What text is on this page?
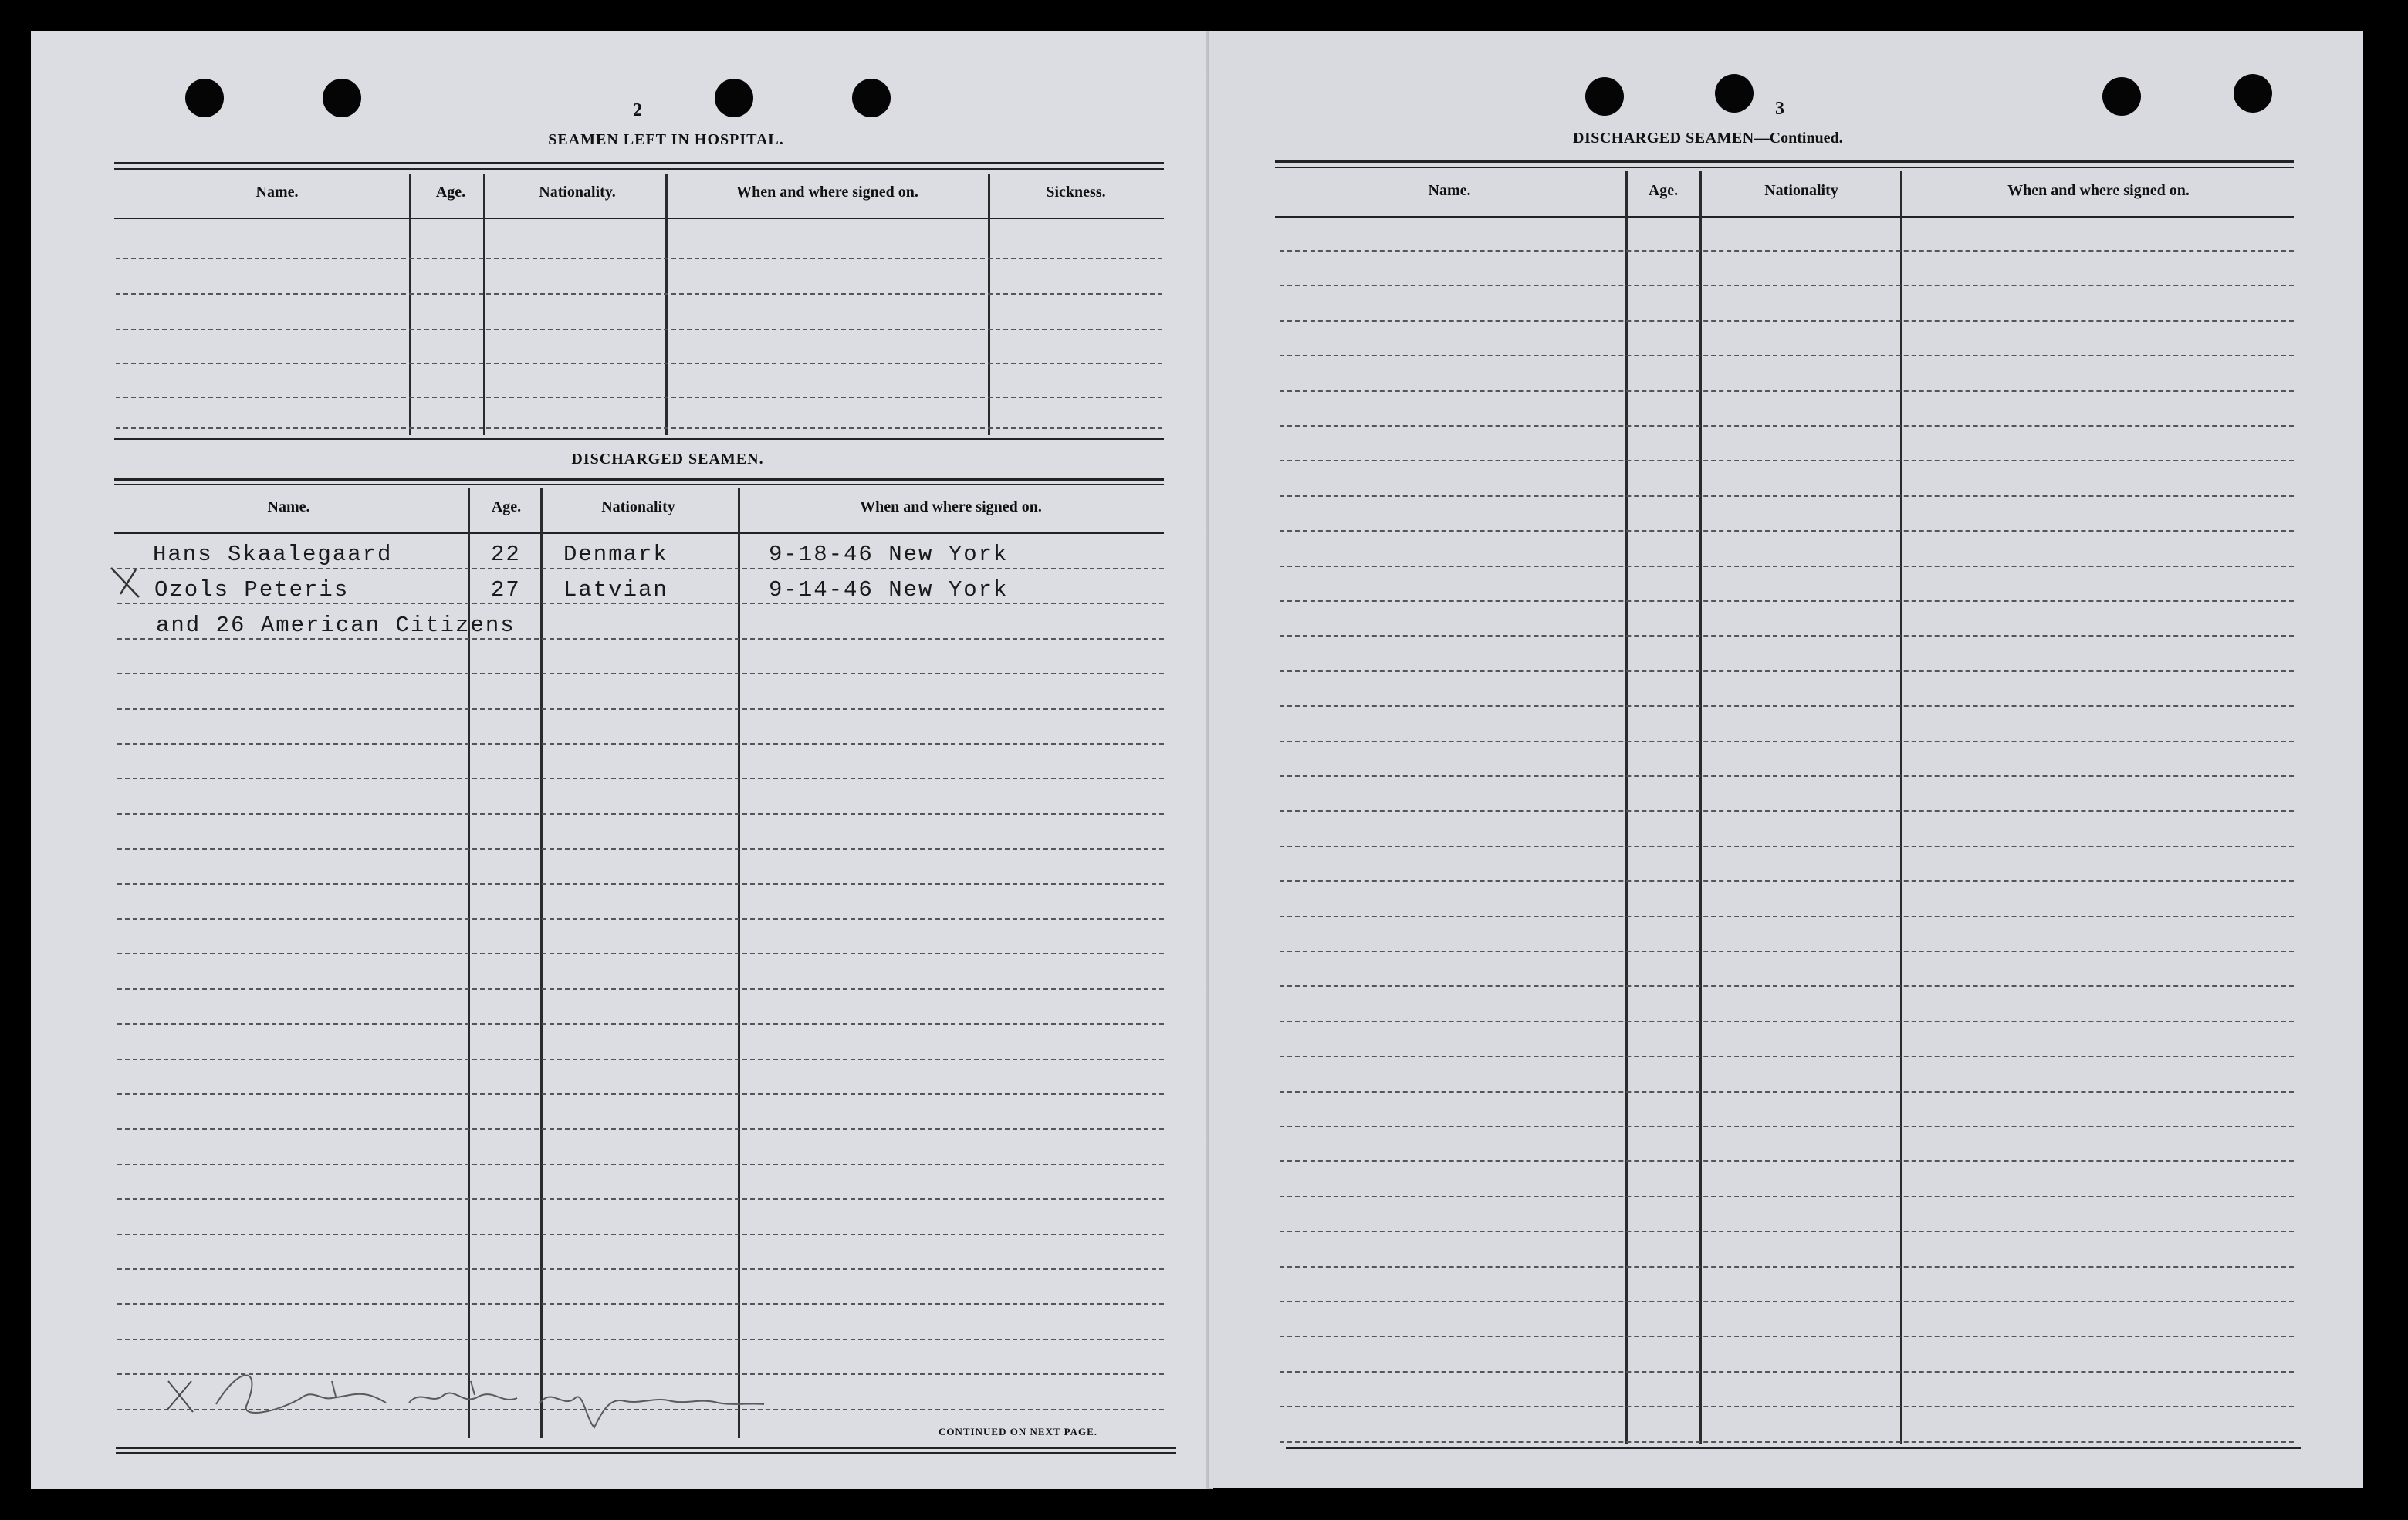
2
SEAMEN LEFT IN HOSPITAL.
Name.	Age.	Nationality.	When and where signed on.	Sickness.
DISCHARGED SEAMEN.
Name.	Age.	Nationality	When and where signed on.
Hans Skaalegaard	22 Denmark	9-18-46 New York
Ozols Peteris	27 Latvian	9-14-46 New York
and 26 American Citizens
CONTINUED ON NEXT PAGE.
3
DISCHARGED SEAMEN—Continued.
Name.	Age.	Nationality	When and where signed on.
